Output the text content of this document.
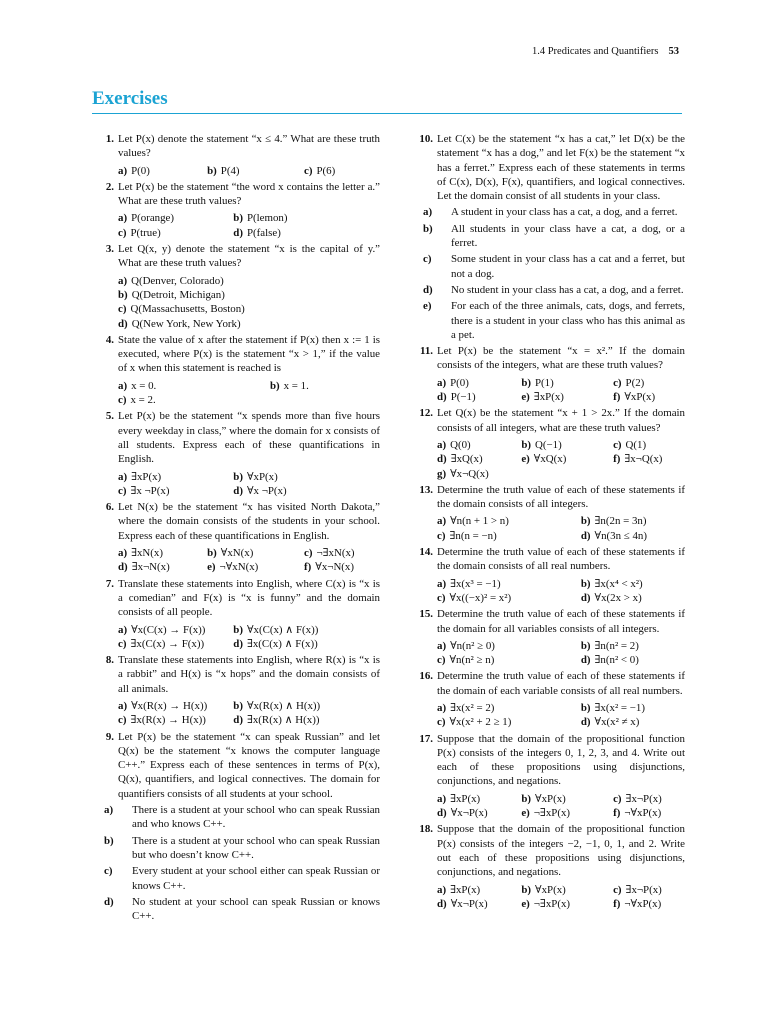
1.4 Predicates and Quantifiers 53
Exercises
1. Let P(x) denote the statement “x ≤ 4.” What are these truth values?
a) P(0)	b) P(4)	c) P(6)
2. Let P(x) be the statement “the word x contains the letter a.” What are these truth values?
a) P(orange)	b) P(lemon)
c) P(true)	d) P(false)
3. Let Q(x, y) denote the statement “x is the capital of y.” What are these truth values?
a) Q(Denver, Colorado)
b) Q(Detroit, Michigan)
c) Q(Massachusetts, Boston)
d) Q(New York, New York)
4. State the value of x after the statement if P(x) then x := 1 is executed, where P(x) is the statement “x > 1,” if the value of x when this statement is reached is
a) x = 0.	b) x = 1.
c) x = 2.
5. Let P(x) be the statement “x spends more than five hours every weekday in class,” where the domain for x consists of all students. Express each of these quantifications in English.
a) ∃xP(x)	b) ∀xP(x)
c) ∃x ¬P(x)	d) ∀x ¬P(x)
6. Let N(x) be the statement “x has visited North Dakota,” where the domain consists of the students in your school. Express each of these quantifications in English.
a) ∃xN(x)	b) ∀xN(x)	c) ¬∃xN(x)
d) ∃x¬N(x)	e) ¬∀xN(x)	f) ∀x¬N(x)
7. Translate these statements into English, where C(x) is “x is a comedian” and F(x) is “x is funny” and the domain consists of all people.
a) ∀x(C(x) → F(x))	b) ∀x(C(x) ∧ F(x))
c) ∃x(C(x) → F(x))	d) ∃x(C(x) ∧ F(x))
8. Translate these statements into English, where R(x) is “x is a rabbit” and H(x) is “x hops” and the domain consists of all animals.
a) ∀x(R(x) → H(x))	b) ∀x(R(x) ∧ H(x))
c) ∃x(R(x) → H(x))	d) ∃x(R(x) ∧ H(x))
9. Let P(x) be the statement “x can speak Russian” and let Q(x) be the statement “x knows the computer language C++.” Express each of these sentences in terms of P(x), Q(x), quantifiers, and logical connectives. The domain for quantifiers consists of all students at your school.
a) There is a student at your school who can speak Russian and who knows C++.
b) There is a student at your school who can speak Russian but who doesn’t know C++.
c) Every student at your school either can speak Russian or knows C++.
d) No student at your school can speak Russian or knows C++.
10. Let C(x) be the statement “x has a cat,” let D(x) be the statement “x has a dog,” and let F(x) be the statement “x has a ferret.” Express each of these statements in terms of C(x), D(x), F(x), quantifiers, and logical connectives. Let the domain consist of all students in your class.
a) A student in your class has a cat, a dog, and a ferret.
b) All students in your class have a cat, a dog, or a ferret.
c) Some student in your class has a cat and a ferret, but not a dog.
d) No student in your class has a cat, a dog, and a ferret.
e) For each of the three animals, cats, dogs, and ferrets, there is a student in your class who has this animal as a pet.
11. Let P(x) be the statement “x = x².” If the domain consists of the integers, what are these truth values?
a) P(0)	b) P(1)	c) P(2)
d) P(−1)	e) ∃xP(x)	f) ∀xP(x)
12. Let Q(x) be the statement “x + 1 > 2x.” If the domain consists of all integers, what are these truth values?
a) Q(0)	b) Q(−1)	c) Q(1)
d) ∃xQ(x)	e) ∀xQ(x)	f) ∃x¬Q(x)
g) ∀x¬Q(x)
13. Determine the truth value of each of these statements if the domain consists of all integers.
a) ∀n(n + 1 > n)	b) ∃n(2n = 3n)
c) ∃n(n = −n)	d) ∀n(3n ≤ 4n)
14. Determine the truth value of each of these statements if the domain consists of all real numbers.
a) ∃x(x³ = −1)	b) ∃x(x⁴ < x²)
c) ∀x((−x)² = x²)	d) ∀x(2x > x)
15. Determine the truth value of each of these statements if the domain for all variables consists of all integers.
a) ∀n(n² ≥ 0)	b) ∃n(n² = 2)
c) ∀n(n² ≥ n)	d) ∃n(n² < 0)
16. Determine the truth value of each of these statements if the domain of each variable consists of all real numbers.
a) ∃x(x² = 2)	b) ∃x(x² = −1)
c) ∀x(x² + 2 ≥ 1)	d) ∀x(x² ≠ x)
17. Suppose that the domain of the propositional function P(x) consists of the integers 0, 1, 2, 3, and 4. Write out each of these propositions using disjunctions, conjunctions, and negations.
a) ∃xP(x)	b) ∀xP(x)	c) ∃x¬P(x)
d) ∀x¬P(x)	e) ¬∃xP(x)	f) ¬∀xP(x)
18. Suppose that the domain of the propositional function P(x) consists of the integers −2, −1, 0, 1, and 2. Write out each of these propositions using disjunctions, conjunctions, and negations.
a) ∃xP(x)	b) ∀xP(x)	c) ∃x¬P(x)
d) ∀x¬P(x)	e) ¬∃xP(x)	f) ¬∀xP(x)
